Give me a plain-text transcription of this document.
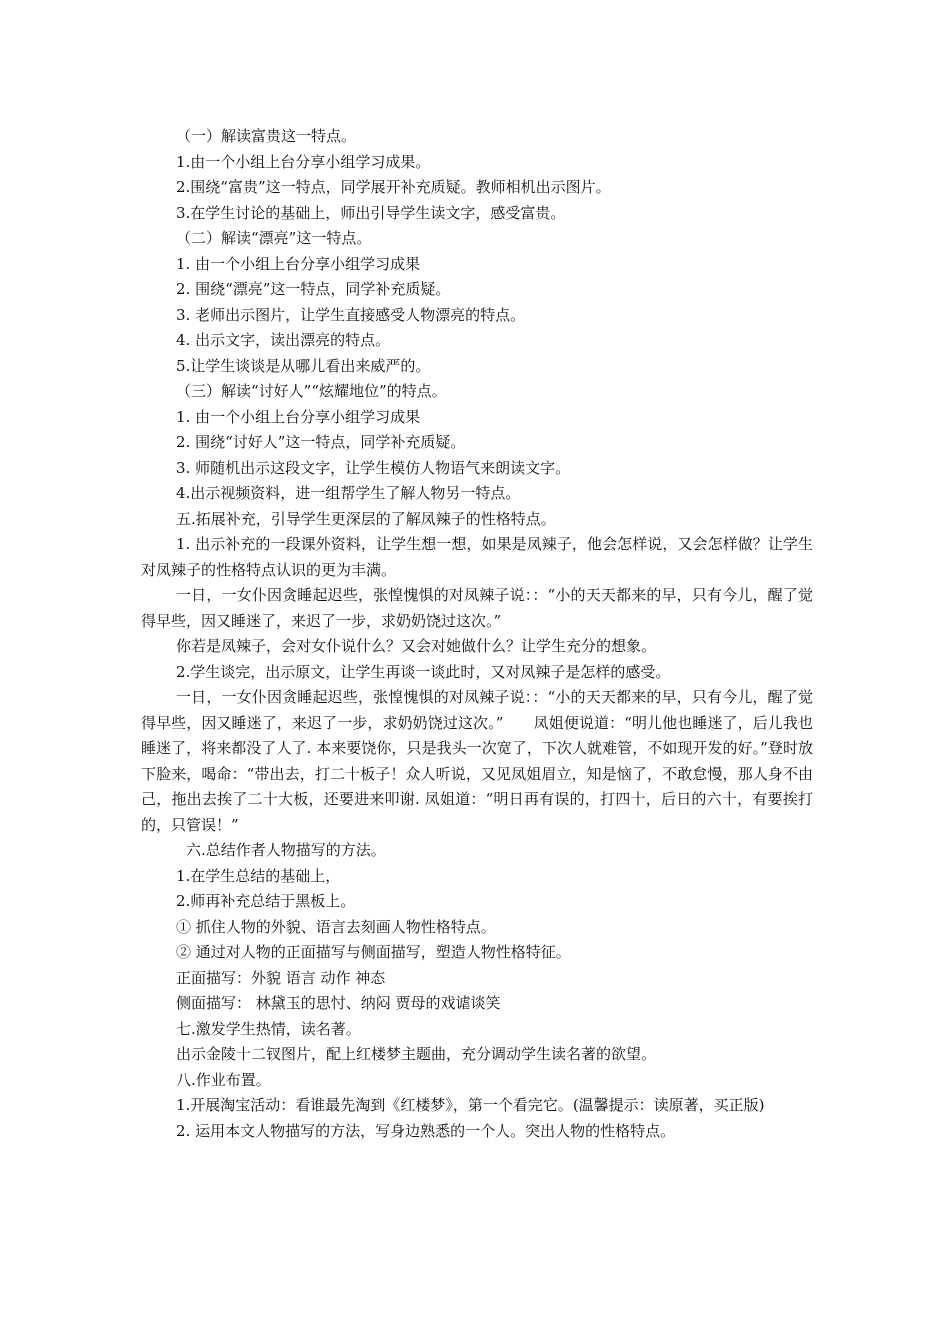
（一）解读富贵这一特点。

1.由一个小组上台分享小组学习成果。

2.围绕“富贵”这一特点，同学展开补充质疑。教师相机出示图片。

3.在学生讨论的基础上，师出引导学生读文字，感受富贵。

（二）解读“漂亮”这一特点。

1. 由一个小组上台分享小组学习成果

2. 围绕“漂亮”这一特点，同学补充质疑。

3. 老师出示图片，让学生直接感受人物漂亮的特点。

4. 出示文字，读出漂亮的特点。

5.让学生谈谈是从哪儿看出来威严的。

（三）解读“讨好人”“炫耀地位”的特点。

1. 由一个小组上台分享小组学习成果

2. 围绕“讨好人”这一特点，同学补充质疑。

3. 师随机出示这段文字，让学生模仿人物语气来朗读文字。

4.出示视频资料，进一组帮学生了解人物另一特点。

五.拓展补充，引导学生更深层的了解凤辣子的性格特点。

1. 出示补充的一段课外资料，让学生想一想，如果是凤辣子，他会怎样说，又会怎样做？让学生对凤辣子的性格特点认识的更为丰满。

一日，一女仆因贪睡起迟些，张惶愧惧的对凤辣子说：：“小的天天都来的早，只有今儿，醒了觉得早些，因又睡迷了，来迟了一步，求奶奶饶过这次。”

你若是凤辣子，会对女仆说什么？又会对她做什么？让学生充分的想象。

2.学生谈完，出示原文，让学生再谈一谈此时，又对凤辣子是怎样的感受。

一日，一女仆因贪睡起迟些，张惶愧惧的对凤辣子说：：“小的天天都来的早，只有今儿，醒了觉得早些，因又睡迷了，来迟了一步，求奶奶饶过这次。”　　凤姐便说道：“明儿他也睡迷了，后儿我也睡迷了，将来都没了人了. 本来要饶你，只是我头一次宽了，下次人就难管，不如现开发的好。”登时放下脸来，喝命：“带出去，打二十板子！众人听说，又见凤姐眉立，知是恼了，不敢怠慢，那人身不由己，拖出去挨了二十大板，还要进来叩谢. 凤姐道：“明日再有误的，打四十，后日的六十，有要挨打的，只管误！”

六.总结作者人物描写的方法。

1.在学生总结的基础上，

2.师再补充总结于黑板上。

① 抓住人物的外貌、语言去刻画人物性格特点。

② 通过对人物的正面描写与侧面描写，塑造人物性格特征。

正面描写：外貌 语言 动作 神态

侧面描写： 林黛玉的思忖、纳闷 贾母的戏谑谈笑

七.激发学生热情，读名著。

出示金陵十二钗图片，配上红楼梦主题曲，充分调动学生读名著的欲望。

八.作业布置。

1.开展淘宝活动：看谁最先淘到《红楼梦》，第一个看完它。(温馨提示：读原著，买正版)

2. 运用本文人物描写的方法，写身边熟悉的一个人。突出人物的性格特点。
